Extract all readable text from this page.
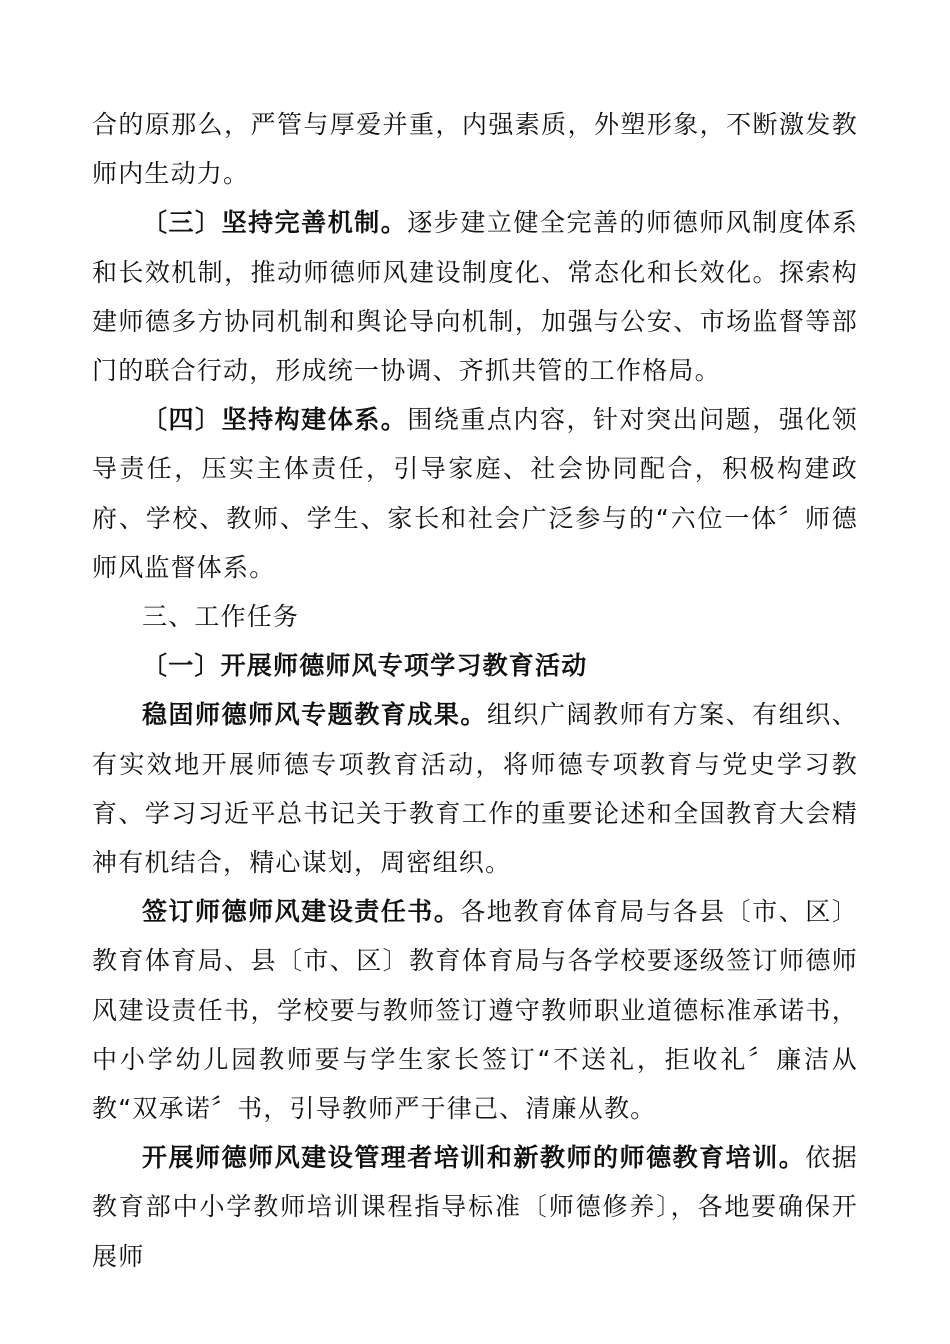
合的原那么，严管与厚爱并重，内强素质，外塑形象，不断激发教师内生动力。

〔三〕坚持完善机制。逐步建立健全完善的师德师风制度体系和长效机制，推动师德师风建设制度化、常态化和长效化。探索构建师德多方协同机制和舆论导向机制，加强与公安、市场监督等部门的联合行动，形成统一协调、齐抓共管的工作格局。

〔四〕坚持构建体系。围绕重点内容，针对突出问题，强化领导责任，压实主体责任，引导家庭、社会协同配合，积极构建政府、学校、教师、学生、家长和社会广泛参与的“六位一体〞师德师风监督体系。

三、工作任务

〔一〕开展师德师风专项学习教育活动

稳固师德师风专题教育成果。组织广阔教师有方案、有组织、有实效地开展师德专项教育活动，将师德专项教育与党史学习教育、学习习近平总书记关于教育工作的重要论述和全国教育大会精神有机结合，精心谋划，周密组织。

签订师德师风建设责任书。各地教育体育局与各县〔市、区〕教育体育局、县〔市、区〕教育体育局与各学校要逐级签订师德师风建设责任书，学校要与教师签订遵守教师职业道德标准承诺书，中小学幼儿园教师要与学生家长签订“不送礼，拒收礼〞廉洁从教“双承诺〞书，引导教师严于律己、清廉从教。

开展师德师风建设管理者培训和新教师的师德教育培训。依据教育部中小学教师培训课程指导标准〔师德修养〕，各地要确保开展师
